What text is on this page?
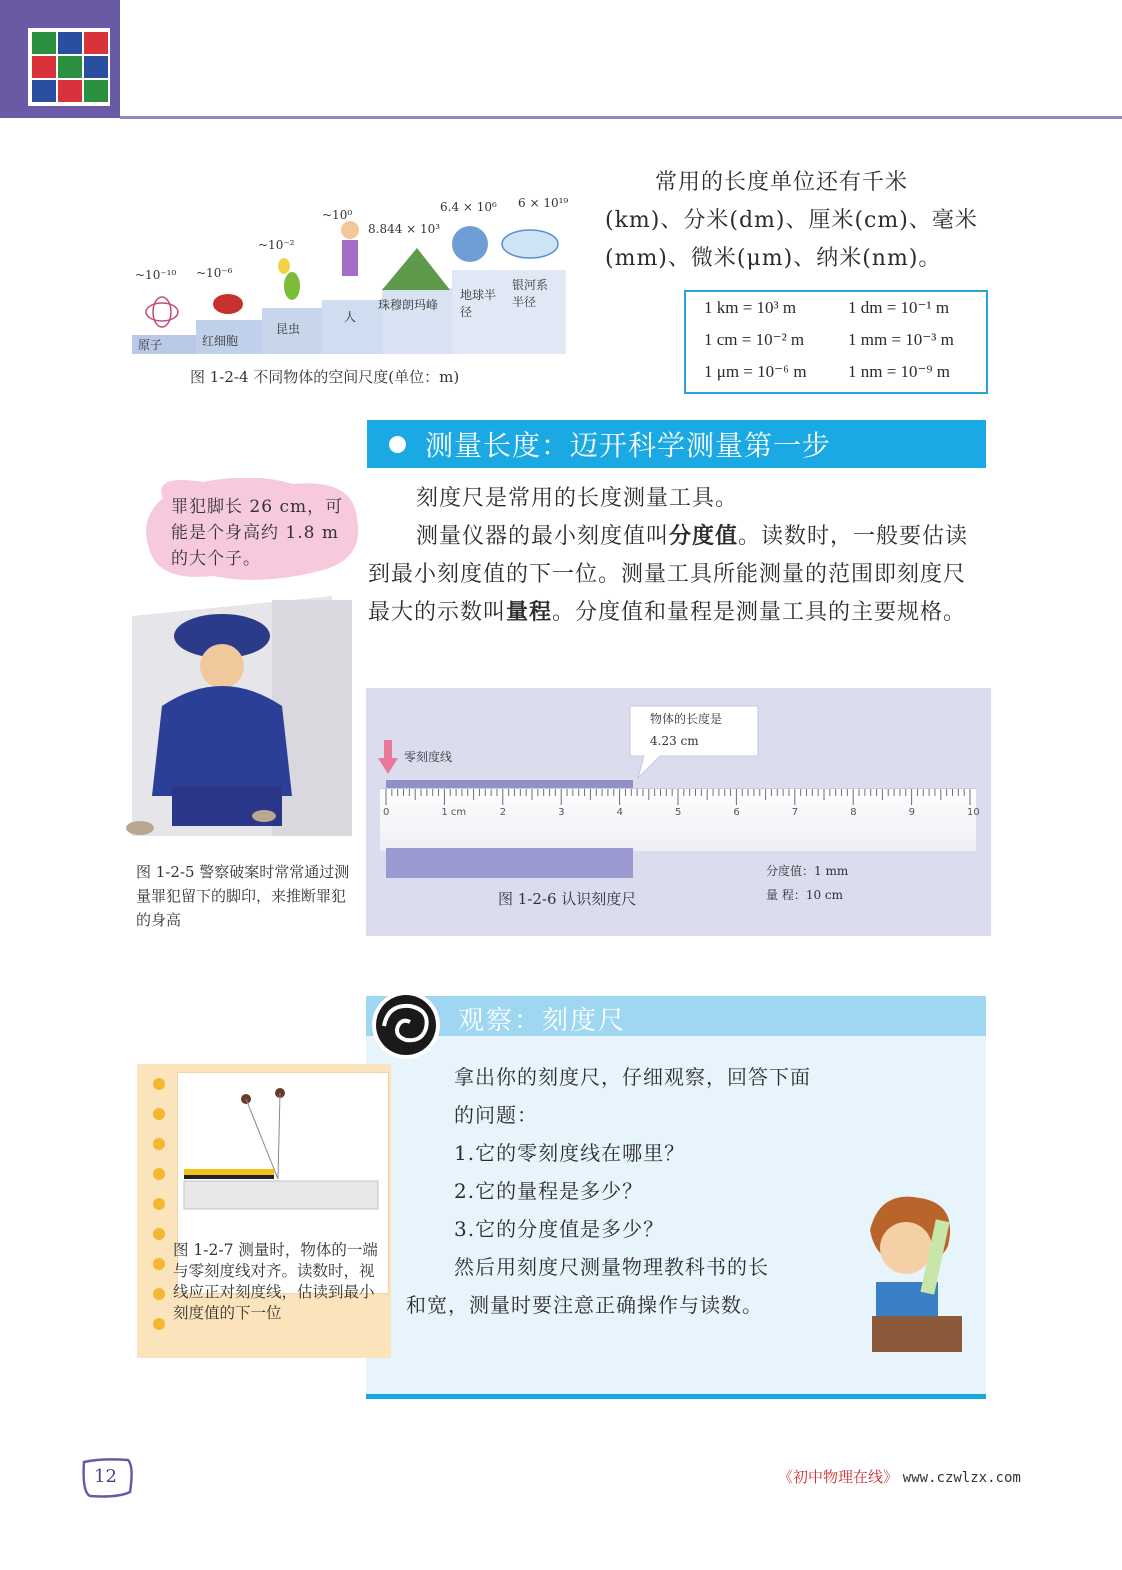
~10⁻¹⁰ ~10⁻⁶
~10⁻²
~10⁰
8.844 × 10³
6.4 × 10⁶ 6 × 10¹⁹
原子	红细胞
昆虫
人
珠穆朗玛峰
地球半径
银河系半径
图 1-2-4 不同物体的空间尺度(单位：m)
常用的长度单位还有千米
(km)、分米(dm)、厘米(cm)、毫米
(mm)、微米(μm)、纳米(nm)。
1 km = 10³ m	1 dm = 10⁻¹ m
1 cm = 10⁻² m	1 mm = 10⁻³ m
1 μm = 10⁻⁶ m 1 nm = 10⁻⁹ m
测量长度：迈开科学测量第一步
罪犯脚长 26 cm，可能是个身高约 1.8 m 的大个子。
图 1-2-5 警察破案时常常通过测量罪犯留下的脚印，来推断罪犯的身高

刻度尺是常用的长度测量工具。

测量仪器的最小刻度值叫分度值。读数时，一般要估读到最小刻度值的下一位。测量工具所能测量的范围即刻度尺最大的示数叫量程。分度值和量程是测量工具的主要规格。

零刻度线
物体的长度是
4.23 cm
0	1 cm	2	3	4	5	6	7	8	9	10
分度值：1 mm
量 程：10 cm
图 1-2-6 认识刻度尺
观察：刻度尺
拿出你的刻度尺，仔细观察，回答下面的问题：
1.它的零刻度线在哪里？
2.它的量程是多少？
3.它的分度值是多少？
然后用刻度尺测量物理教科书的长
和宽，测量时要注意正确操作与读数。
图 1-2-7 测量时，物体的一端与零刻度线对齐。读数时，视线应正对刻度线，估读到最小刻度值的下一位
12	《初中物理在线》 www.czwlzx.com
